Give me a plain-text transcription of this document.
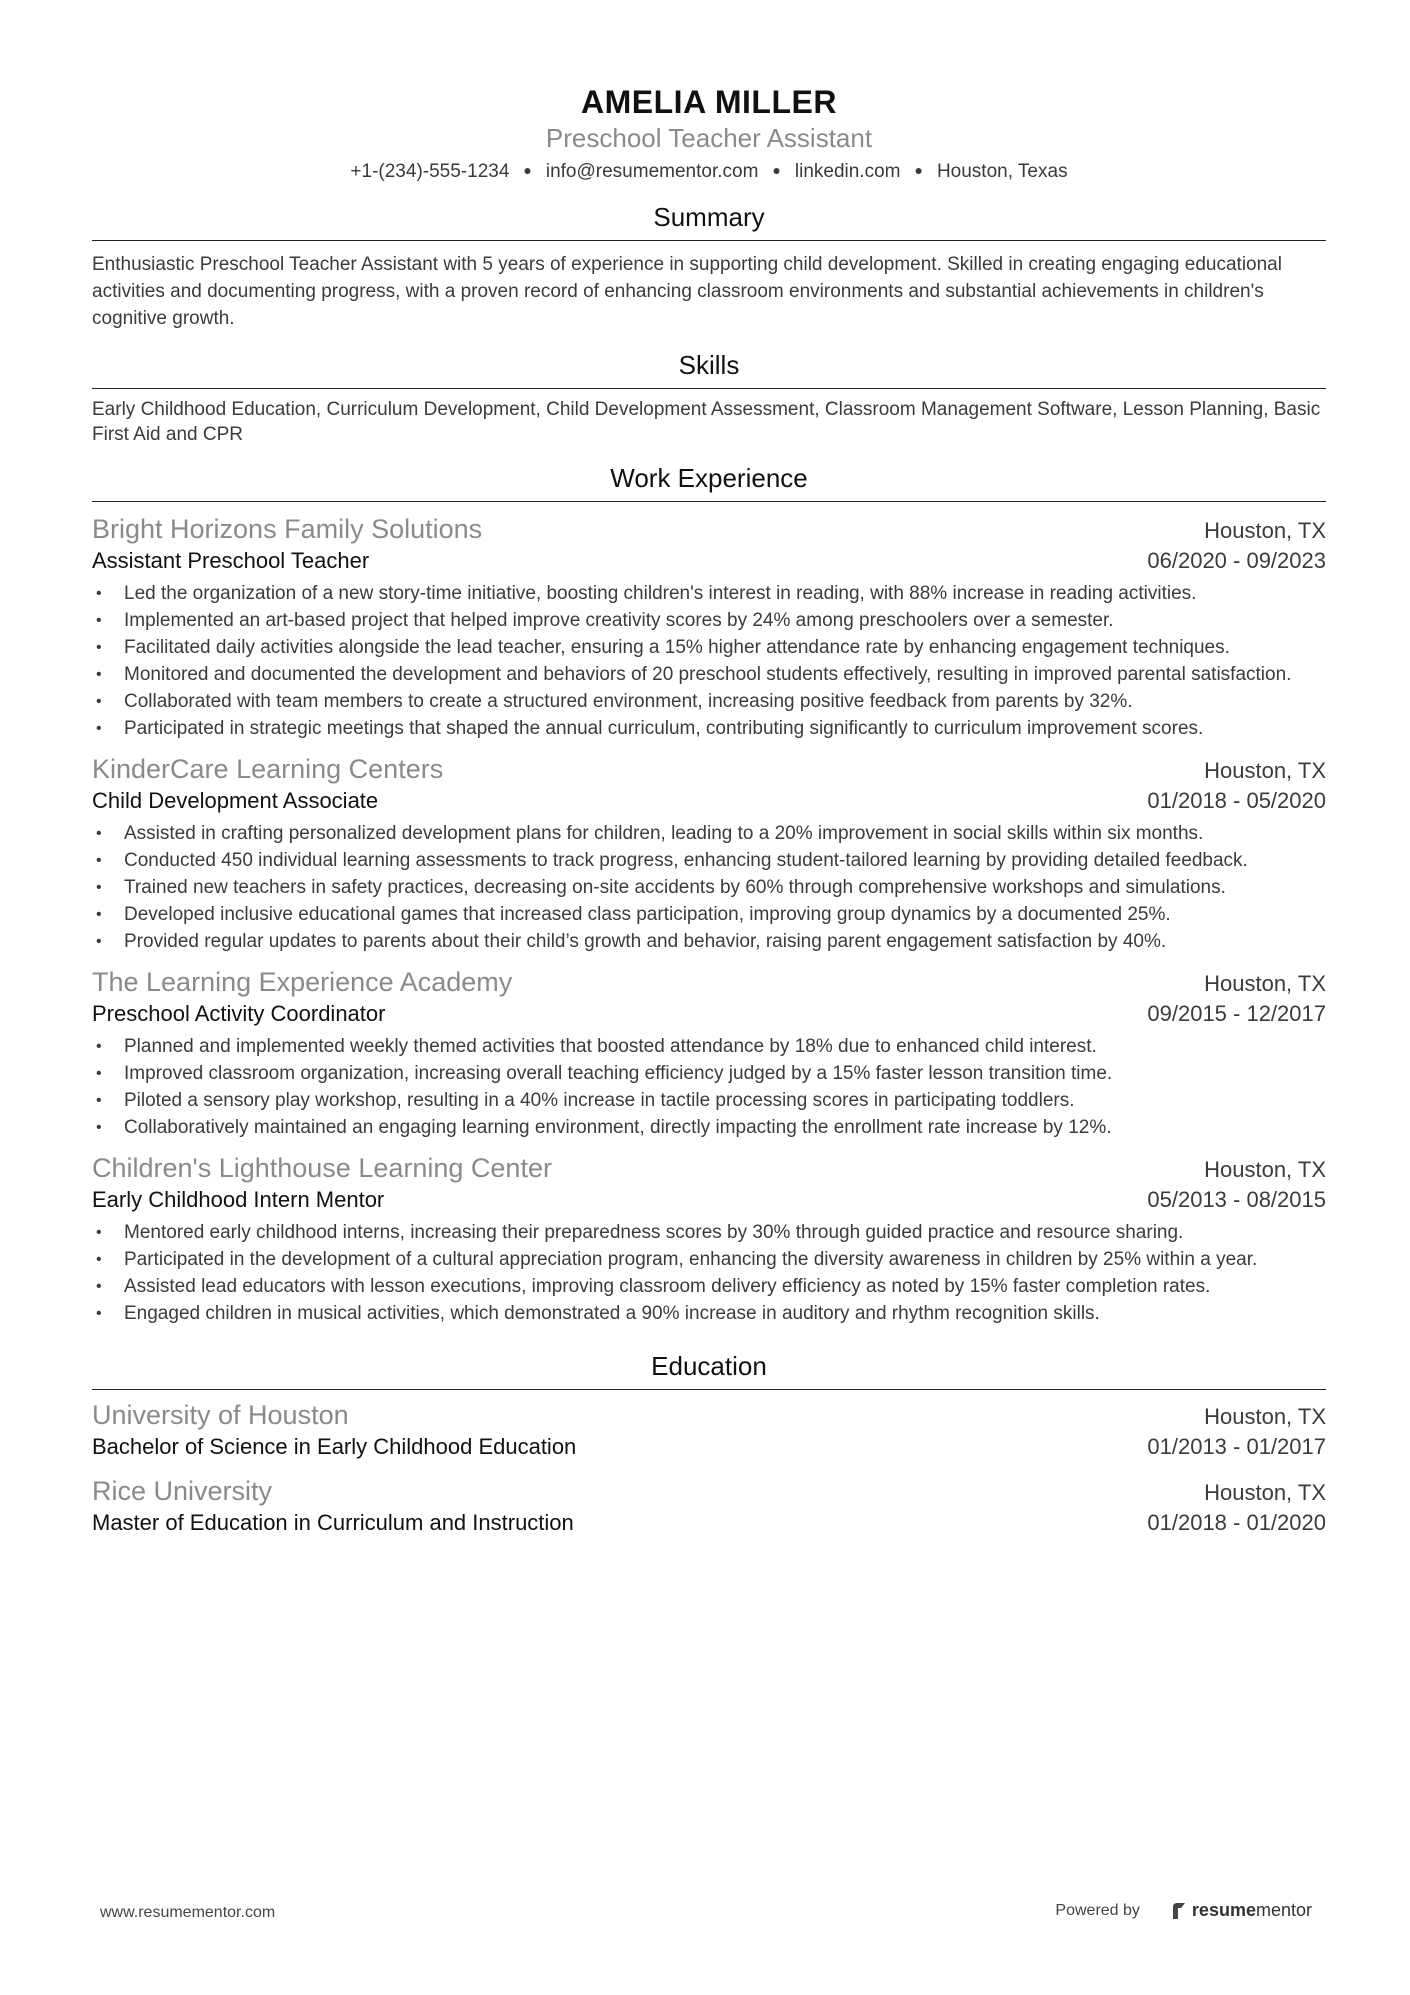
AMELIA MILLER
Preschool Teacher Assistant
+1-(234)-555-1234 ● info@resumementor.com ● linkedin.com ● Houston, Texas
Summary
Enthusiastic Preschool Teacher Assistant with 5 years of experience in supporting child development. Skilled in creating engaging educational activities and documenting progress, with a proven record of enhancing classroom environments and substantial achievements in children's cognitive growth.
Skills
Early Childhood Education, Curriculum Development, Child Development Assessment, Classroom Management Software, Lesson Planning, Basic First Aid and CPR
Work Experience
Bright Horizons Family Solutions	Houston, TX
Assistant Preschool Teacher	06/2020 - 09/2023
• Led the organization of a new story-time initiative, boosting children's interest in reading, with 88% increase in reading activities.
• Implemented an art-based project that helped improve creativity scores by 24% among preschoolers over a semester.
• Facilitated daily activities alongside the lead teacher, ensuring a 15% higher attendance rate by enhancing engagement techniques.
• Monitored and documented the development and behaviors of 20 preschool students effectively, resulting in improved parental satisfaction.
• Collaborated with team members to create a structured environment, increasing positive feedback from parents by 32%.
• Participated in strategic meetings that shaped the annual curriculum, contributing significantly to curriculum improvement scores.
KinderCare Learning Centers	Houston, TX
Child Development Associate	01/2018 - 05/2020
• Assisted in crafting personalized development plans for children, leading to a 20% improvement in social skills within six months.
• Conducted 450 individual learning assessments to track progress, enhancing student-tailored learning by providing detailed feedback.
• Trained new teachers in safety practices, decreasing on-site accidents by 60% through comprehensive workshops and simulations.
• Developed inclusive educational games that increased class participation, improving group dynamics by a documented 25%.
• Provided regular updates to parents about their child’s growth and behavior, raising parent engagement satisfaction by 40%.
The Learning Experience Academy	Houston, TX
Preschool Activity Coordinator	09/2015 - 12/2017
• Planned and implemented weekly themed activities that boosted attendance by 18% due to enhanced child interest.
• Improved classroom organization, increasing overall teaching efficiency judged by a 15% faster lesson transition time.
• Piloted a sensory play workshop, resulting in a 40% increase in tactile processing scores in participating toddlers.
• Collaboratively maintained an engaging learning environment, directly impacting the enrollment rate increase by 12%.
Children's Lighthouse Learning Center	Houston, TX
Early Childhood Intern Mentor	05/2013 - 08/2015
• Mentored early childhood interns, increasing their preparedness scores by 30% through guided practice and resource sharing.
• Participated in the development of a cultural appreciation program, enhancing the diversity awareness in children by 25% within a year.
• Assisted lead educators with lesson executions, improving classroom delivery efficiency as noted by 15% faster completion rates.
• Engaged children in musical activities, which demonstrated a 90% increase in auditory and rhythm recognition skills.
Education
University of Houston	Houston, TX
Bachelor of Science in Early Childhood Education	01/2013 - 01/2017
Rice University	Houston, TX
Master of Education in Curriculum and Instruction	01/2018 - 01/2020
www.resumementor.com	Powered by	resume mentor
